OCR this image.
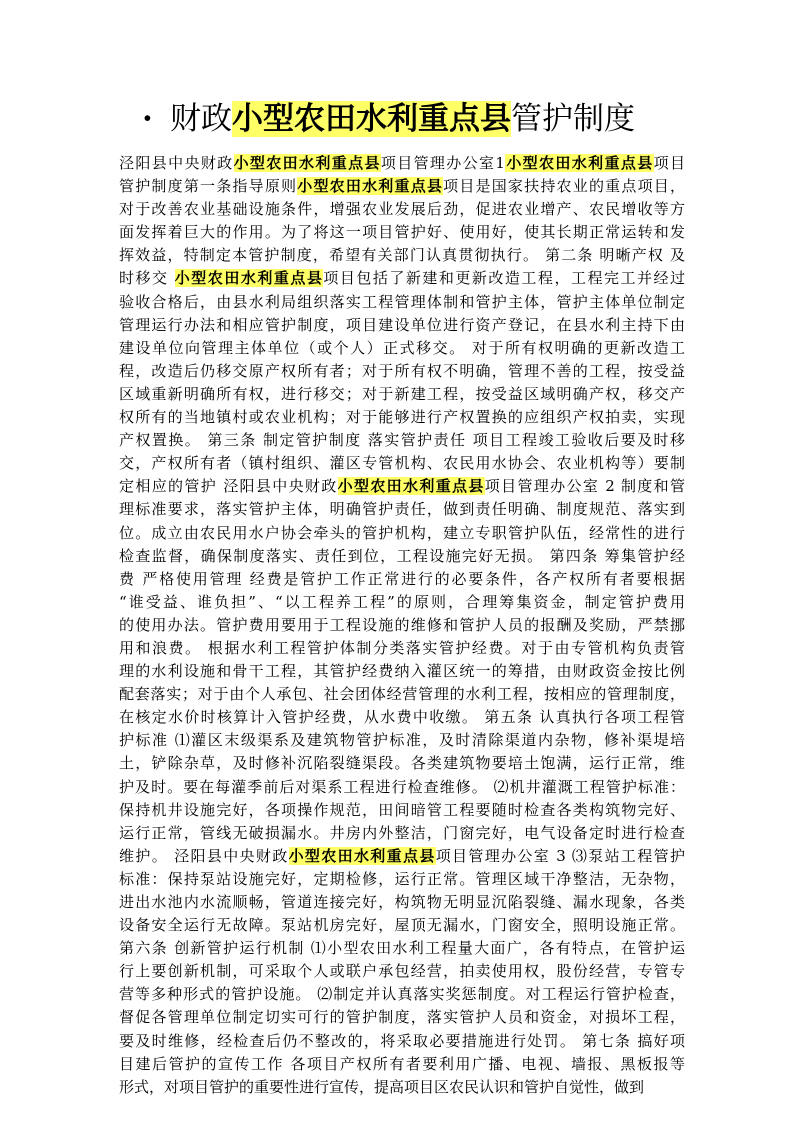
· 财政小型农田水利重点县管护制度
泾阳县中央财政小型农田水利重点县项目管理办公室1小型农田水利重点县项目
管护制度第一条指导原则小型农田水利重点县项目是国家扶持农业的重点项目，
对于改善农业基础设施条件，增强农业发展后劲，促进农业增产、农民增收等方
面发挥着巨大的作用。为了将这一项目管护好、使用好，使其长期正常运转和发
挥效益，特制定本管护制度，希望有关部门认真贯彻执行。 第二条 明晰产权 及
时移交 小型农田水利重点县项目包括了新建和更新改造工程，工程完工并经过
验收合格后，由县水利局组织落实工程管理体制和管护主体，管护主体单位制定
管理运行办法和相应管护制度，项目建设单位进行资产登记，在县水利主持下由
建设单位向管理主体单位（或个人）正式移交。 对于所有权明确的更新改造工
程，改造后仍移交原产权所有者；对于所有权不明确，管理不善的工程，按受益
区域重新明确所有权，进行移交；对于新建工程，按受益区域明确产权，移交产
权所有的当地镇村或农业机构；对于能够进行产权置换的应组织产权拍卖，实现
产权置换。 第三条 制定管护制度 落实管护责任 项目工程竣工验收后要及时移
交，产权所有者（镇村组织、灌区专管机构、农民用水协会、农业机构等）要制
定相应的管护 泾阳县中央财政小型农田水利重点县项目管理办公室 2 制度和管
理标准要求，落实管护主体，明确管护责任，做到责任明确、制度规范、落实到
位。成立由农民用水户协会牵头的管护机构，建立专职管护队伍，经常性的进行
检查监督，确保制度落实、责任到位，工程设施完好无损。 第四条 筹集管护经
费 严格使用管理 经费是管护工作正常进行的必要条件，各产权所有者要根据
“谁受益、谁负担”、“以工程养工程”的原则，合理筹集资金，制定管护费用
的使用办法。管护费用要用于工程设施的维修和管护人员的报酬及奖励，严禁挪
用和浪费。 根据水利工程管护体制分类落实管护经费。对于由专管机构负责管
理的水利设施和骨干工程，其管护经费纳入灌区统一的筹措，由财政资金按比例
配套落实；对于由个人承包、社会团体经营管理的水利工程，按相应的管理制度，
在核定水价时核算计入管护经费，从水费中收缴。 第五条 认真执行各项工程管
护标准 ⑴灌区末级渠系及建筑物管护标准，及时清除渠道内杂物，修补渠堤培
土，铲除杂草，及时修补沉陷裂缝渠段。各类建筑物要培土饱满，运行正常，维
护及时。要在每灌季前后对渠系工程进行检查维修。 ⑵机井灌溉工程管护标准：
保持机井设施完好，各项操作规范，田间暗管工程要随时检查各类构筑物完好、
运行正常，管线无破损漏水。井房内外整洁，门窗完好，电气设备定时进行检查
维护。 泾阳县中央财政小型农田水利重点县项目管理办公室 3 ⑶泵站工程管护
标准：保持泵站设施完好，定期检修，运行正常。管理区域干净整洁，无杂物，
进出水池内水流顺畅，管道连接完好，构筑物无明显沉陷裂缝、漏水现象，各类
设备安全运行无故障。泵站机房完好，屋顶无漏水，门窗安全，照明设施正常。
第六条 创新管护运行机制 ⑴小型农田水利工程量大面广，各有特点，在管护运
行上要创新机制，可采取个人或联户承包经营，拍卖使用权，股份经营，专管专
营等多种形式的管护设施。 ⑵制定并认真落实奖惩制度。对工程运行管护检查，
督促各管理单位制定切实可行的管护制度，落实管护人员和资金，对损坏工程，
要及时维修，经检查后仍不整改的，将采取必要措施进行处罚。 第七条 搞好项
目建后管护的宣传工作 各项目产权所有者要利用广播、电视、墙报、黑板报等
形式，对项目管护的重要性进行宣传，提高项目区农民认识和管护自觉性，做到
